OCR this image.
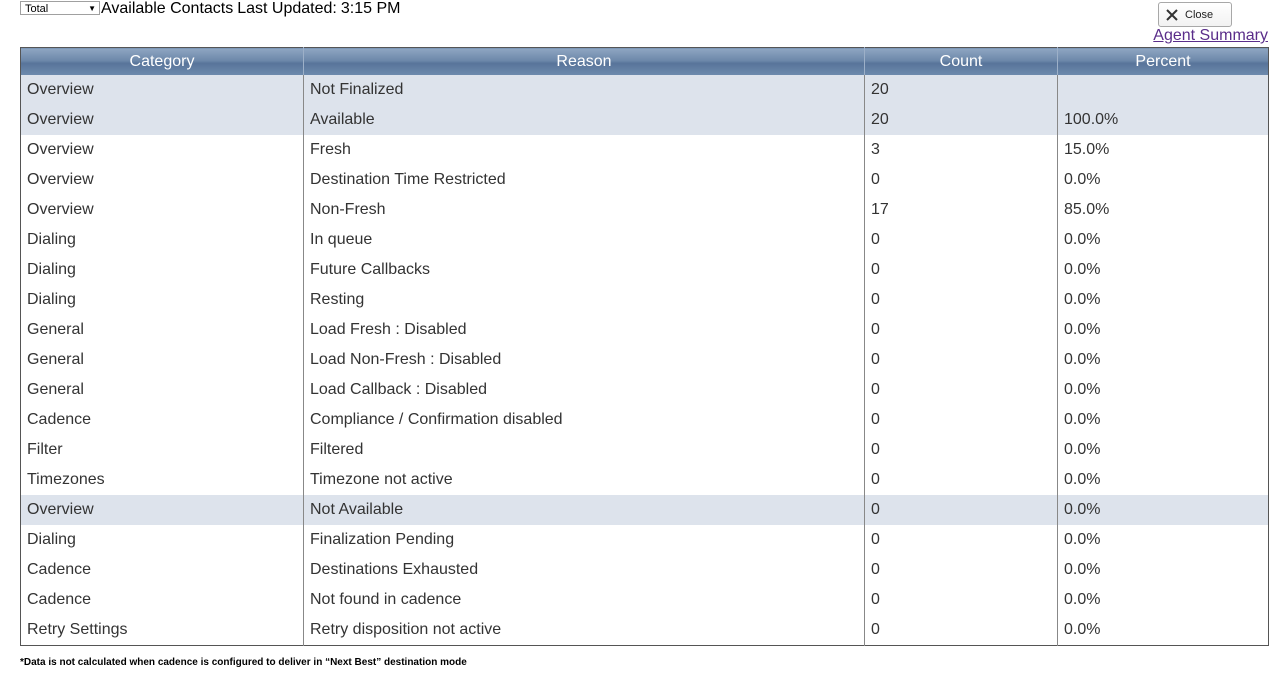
Total	▼ Available Contacts Last Updated: 3:15 PM	Close
Agent Summary
Category	Reason	Count	Percent
Overview	Not Finalized	20	
Overview	Available	20	100.0%
Overview	Fresh	3	15.0%
Overview	Destination Time Restricted	0	0.0%
Overview	Non-Fresh	17	85.0%
Dialing	In queue	0	0.0%
Dialing	Future Callbacks	0	0.0%
Dialing	Resting	0	0.0%
General	Load Fresh : Disabled	0	0.0%
General	Load Non-Fresh : Disabled	0	0.0%
General	Load Callback : Disabled	0	0.0%
Cadence	Compliance / Confirmation disabled	0	0.0%
Filter	Filtered	0	0.0%
Timezones	Timezone not active	0	0.0%
Overview	Not Available	0	0.0%
Dialing	Finalization Pending	0	0.0%
Cadence	Destinations Exhausted	0	0.0%
Cadence	Not found in cadence	0	0.0%
Retry Settings	Retry disposition not active	0	0.0%
*Data is not calculated when cadence is configured to deliver in “Next Best” destination mode
